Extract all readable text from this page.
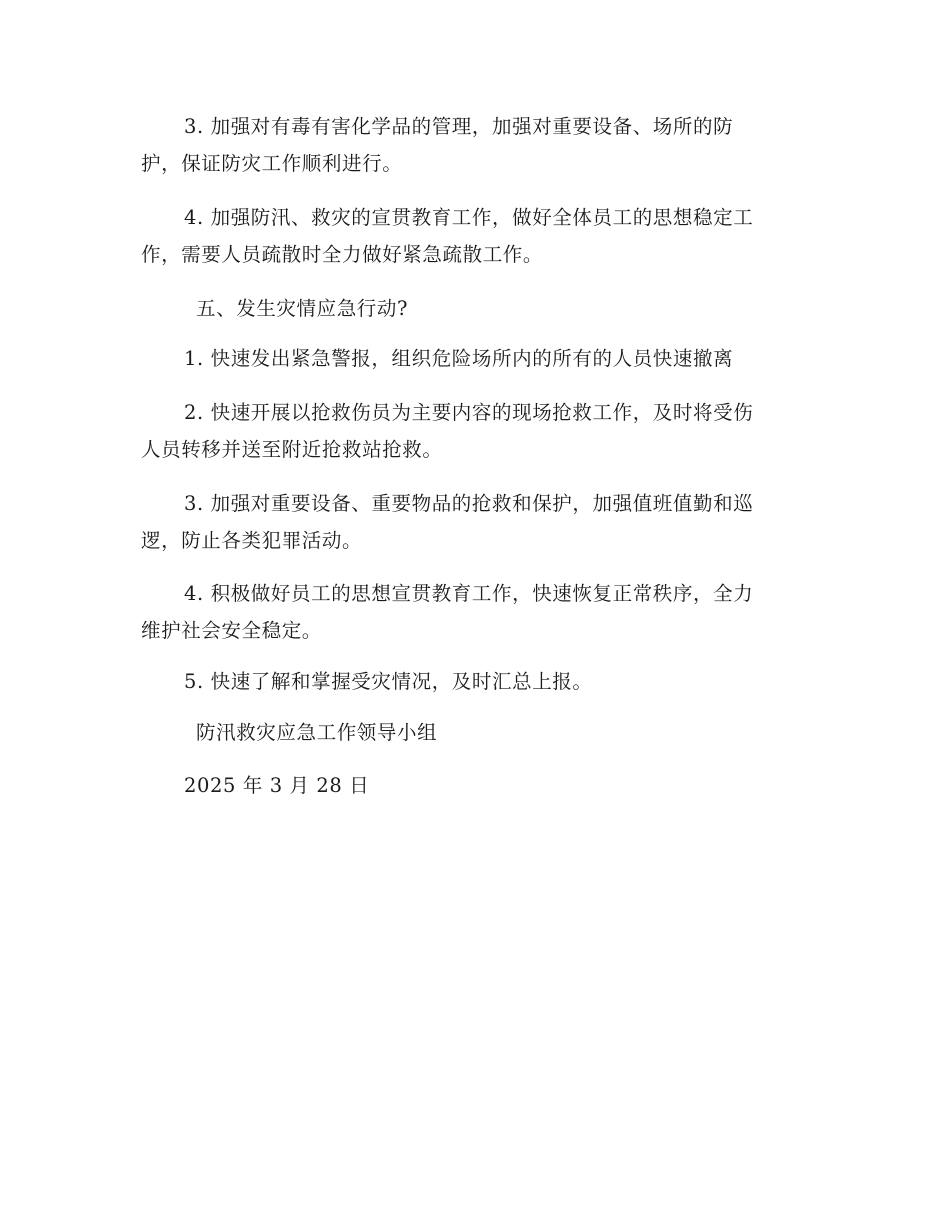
3. 加强对有毒有害化学品的管理，加强对重要设备、场所的防
护，保证防灾工作顺利进行。

4. 加强防汛、救灾的宣贯教育工作，做好全体员工的思想稳定工
作，需要人员疏散时全力做好紧急疏散工作。

五、发生灾情应急行动?

1. 快速发出紧急警报，组织危险场所内的所有的人员快速撤离

2. 快速开展以抢救伤员为主要内容的现场抢救工作，及时将受伤
人员转移并送至附近抢救站抢救。

3. 加强对重要设备、重要物品的抢救和保护，加强值班值勤和巡
逻，防止各类犯罪活动。

4. 积极做好员工的思想宣贯教育工作，快速恢复正常秩序，全力
维护社会安全稳定。

5. 快速了解和掌握受灾情况，及时汇总上报。

防汛救灾应急工作领导小组

2025 年 3 月 28 日
